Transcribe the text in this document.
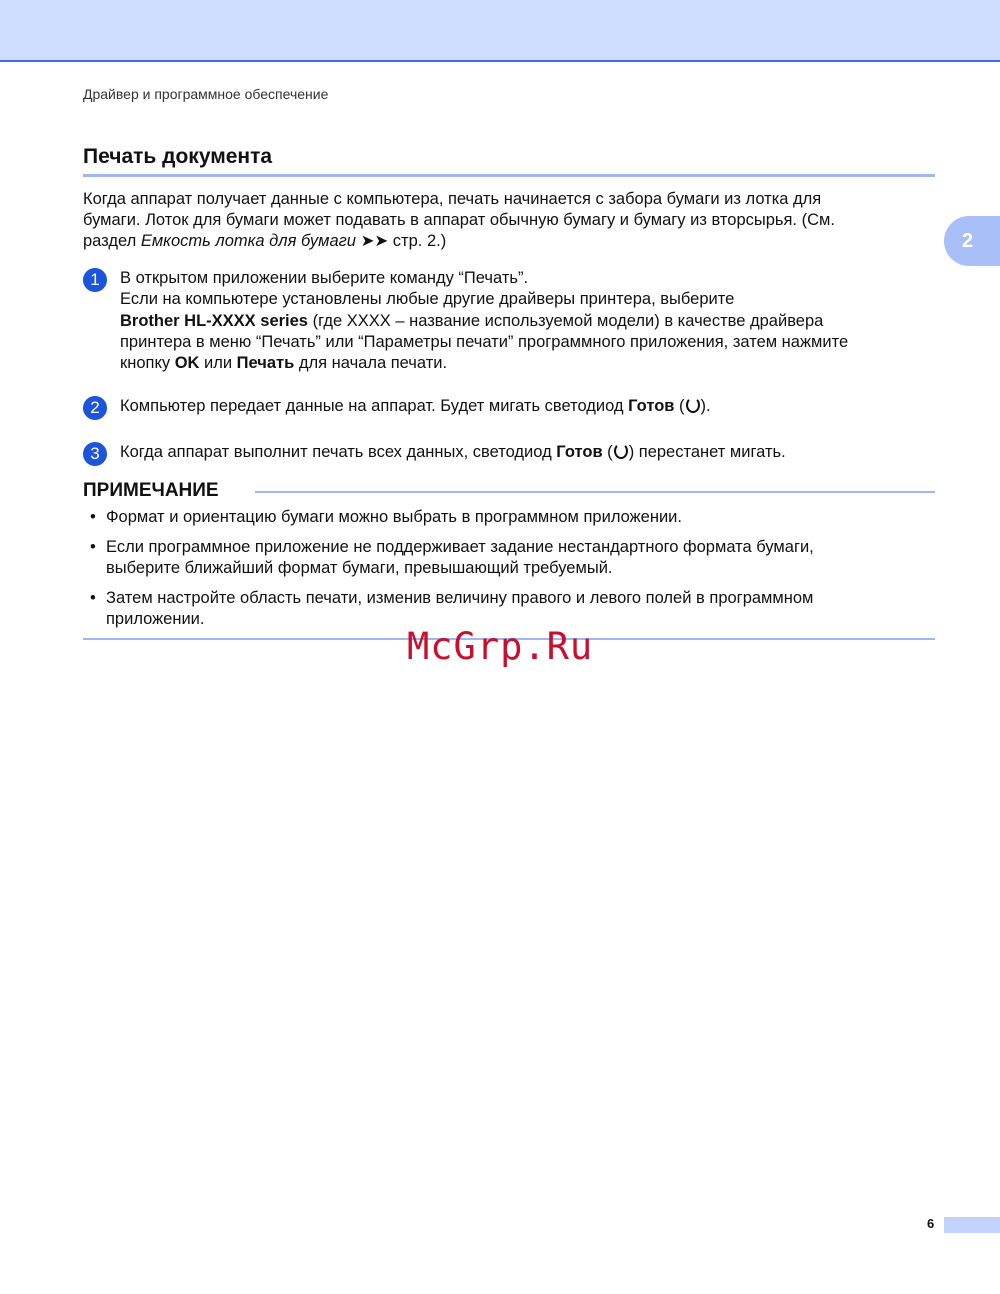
Драйвер и программное обеспечение
Печать документа
Когда аппарат получает данные с компьютера, печать начинается с забора бумаги из лотка для
бумаги. Лоток для бумаги может подавать в аппарат обычную бумагу и бумагу из вторсырья. (См.
раздел Емкость лотка для бумаги ➤➤ стр. 2.)	2
1	В открытом приложении выберите команду “Печать”.
Если на компьютере установлены любые другие драйверы принтера, выберите
Brother HL-XXXX series (где XXXX – название используемой модели) в качестве драйвера
принтера в меню “Печать” или “Параметры печати” программного приложения, затем нажмите
кнопку OK или Печать для начала печати.
2	Компьютер передает данные на аппарат. Будет мигать светодиод Готов ( ).
3	Когда аппарат выполнит печать всех данных, светодиод Готов ( ) перестанет мигать.
ПРИМЕЧАНИЕ
• Формат и ориентацию бумаги можно выбрать в программном приложении.
• Если программное приложение не поддерживает задание нестандартного формата бумаги,
выберите ближайший формат бумаги, превышающий требуемый.
• Затем настройте область печати, изменив величину правого и левого полей в программном
приложении.
McGrp.Ru
6
